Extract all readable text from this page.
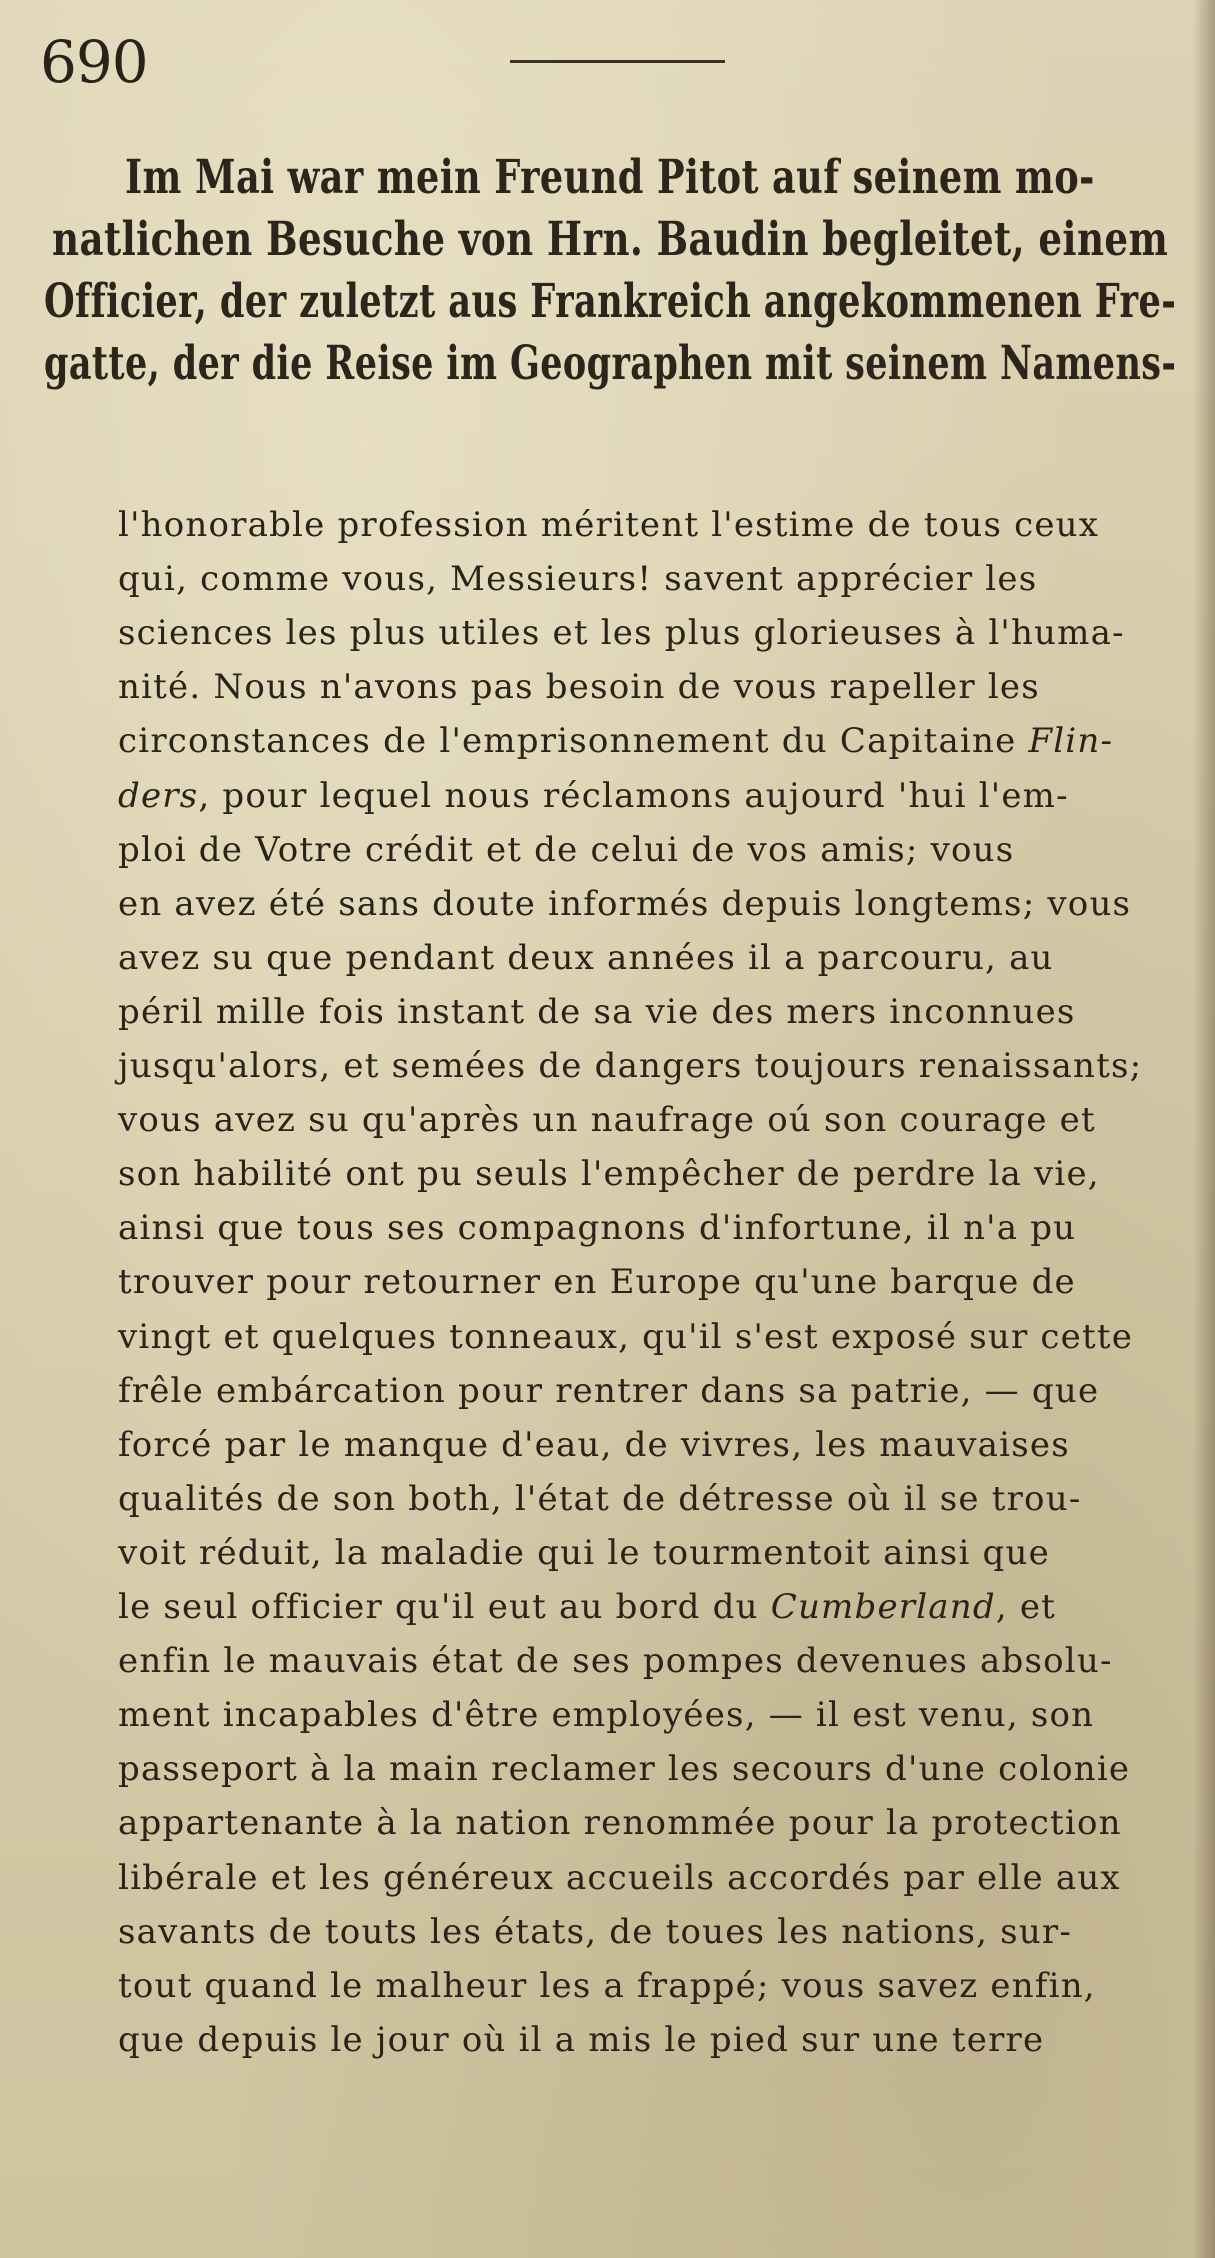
690
Im Mai war mein Freund Pitot auf seinem mo-
natlichen Besuche von Hrn. Baudin begleitet, einem
Officier, der zuletzt aus Frankreich angekommenen Fre-
gatte, der die Reise im Geographen mit seinem Namens-
l'honorable profession méritent l'estime de tous ceux
qui, comme vous, Messieurs! savent apprécier les
sciences les plus utiles et les plus glorieuses à l'huma-
nité. Nous n'avons pas besoin de vous rapeller les
circonstances de l'emprisonnement du Capitaine Flin-
ders, pour lequel nous réclamons aujourd 'hui l'em-
ploi de Votre crédit et de celui de vos amis; vous
en avez été sans doute informés depuis longtems; vous
avez su que pendant deux années il a parcouru, au
péril mille fois instant de sa vie des mers inconnues
jusqu'alors, et semées de dangers toujours renaissants;
vous avez su qu'après un naufrage oú son courage et
son habilité ont pu seuls l'empêcher de perdre la vie,
ainsi que tous ses compagnons d'infortune, il n'a pu
trouver pour retourner en Europe qu'une barque de
vingt et quelques tonneaux, qu'il s'est exposé sur cette
frêle embárcation pour rentrer dans sa patrie, — que
forcé par le manque d'eau, de vivres, les mauvaises
qualités de son both, l'état de détresse où il se trou-
voit réduit, la maladie qui le tourmentoit ainsi que
le seul officier qu'il eut au bord du Cumberland, et
enfin le mauvais état de ses pompes devenues absolu-
ment incapables d'être employées, — il est venu, son
passeport à la main reclamer les secours d'une colonie
appartenante à la nation renommée pour la protection
libérale et les généreux accueils accordés par elle aux
savants de touts les états, de toues les nations, sur-
tout quand le malheur les a frappé; vous savez enfin,
que depuis le jour où il a mis le pied sur une terre
